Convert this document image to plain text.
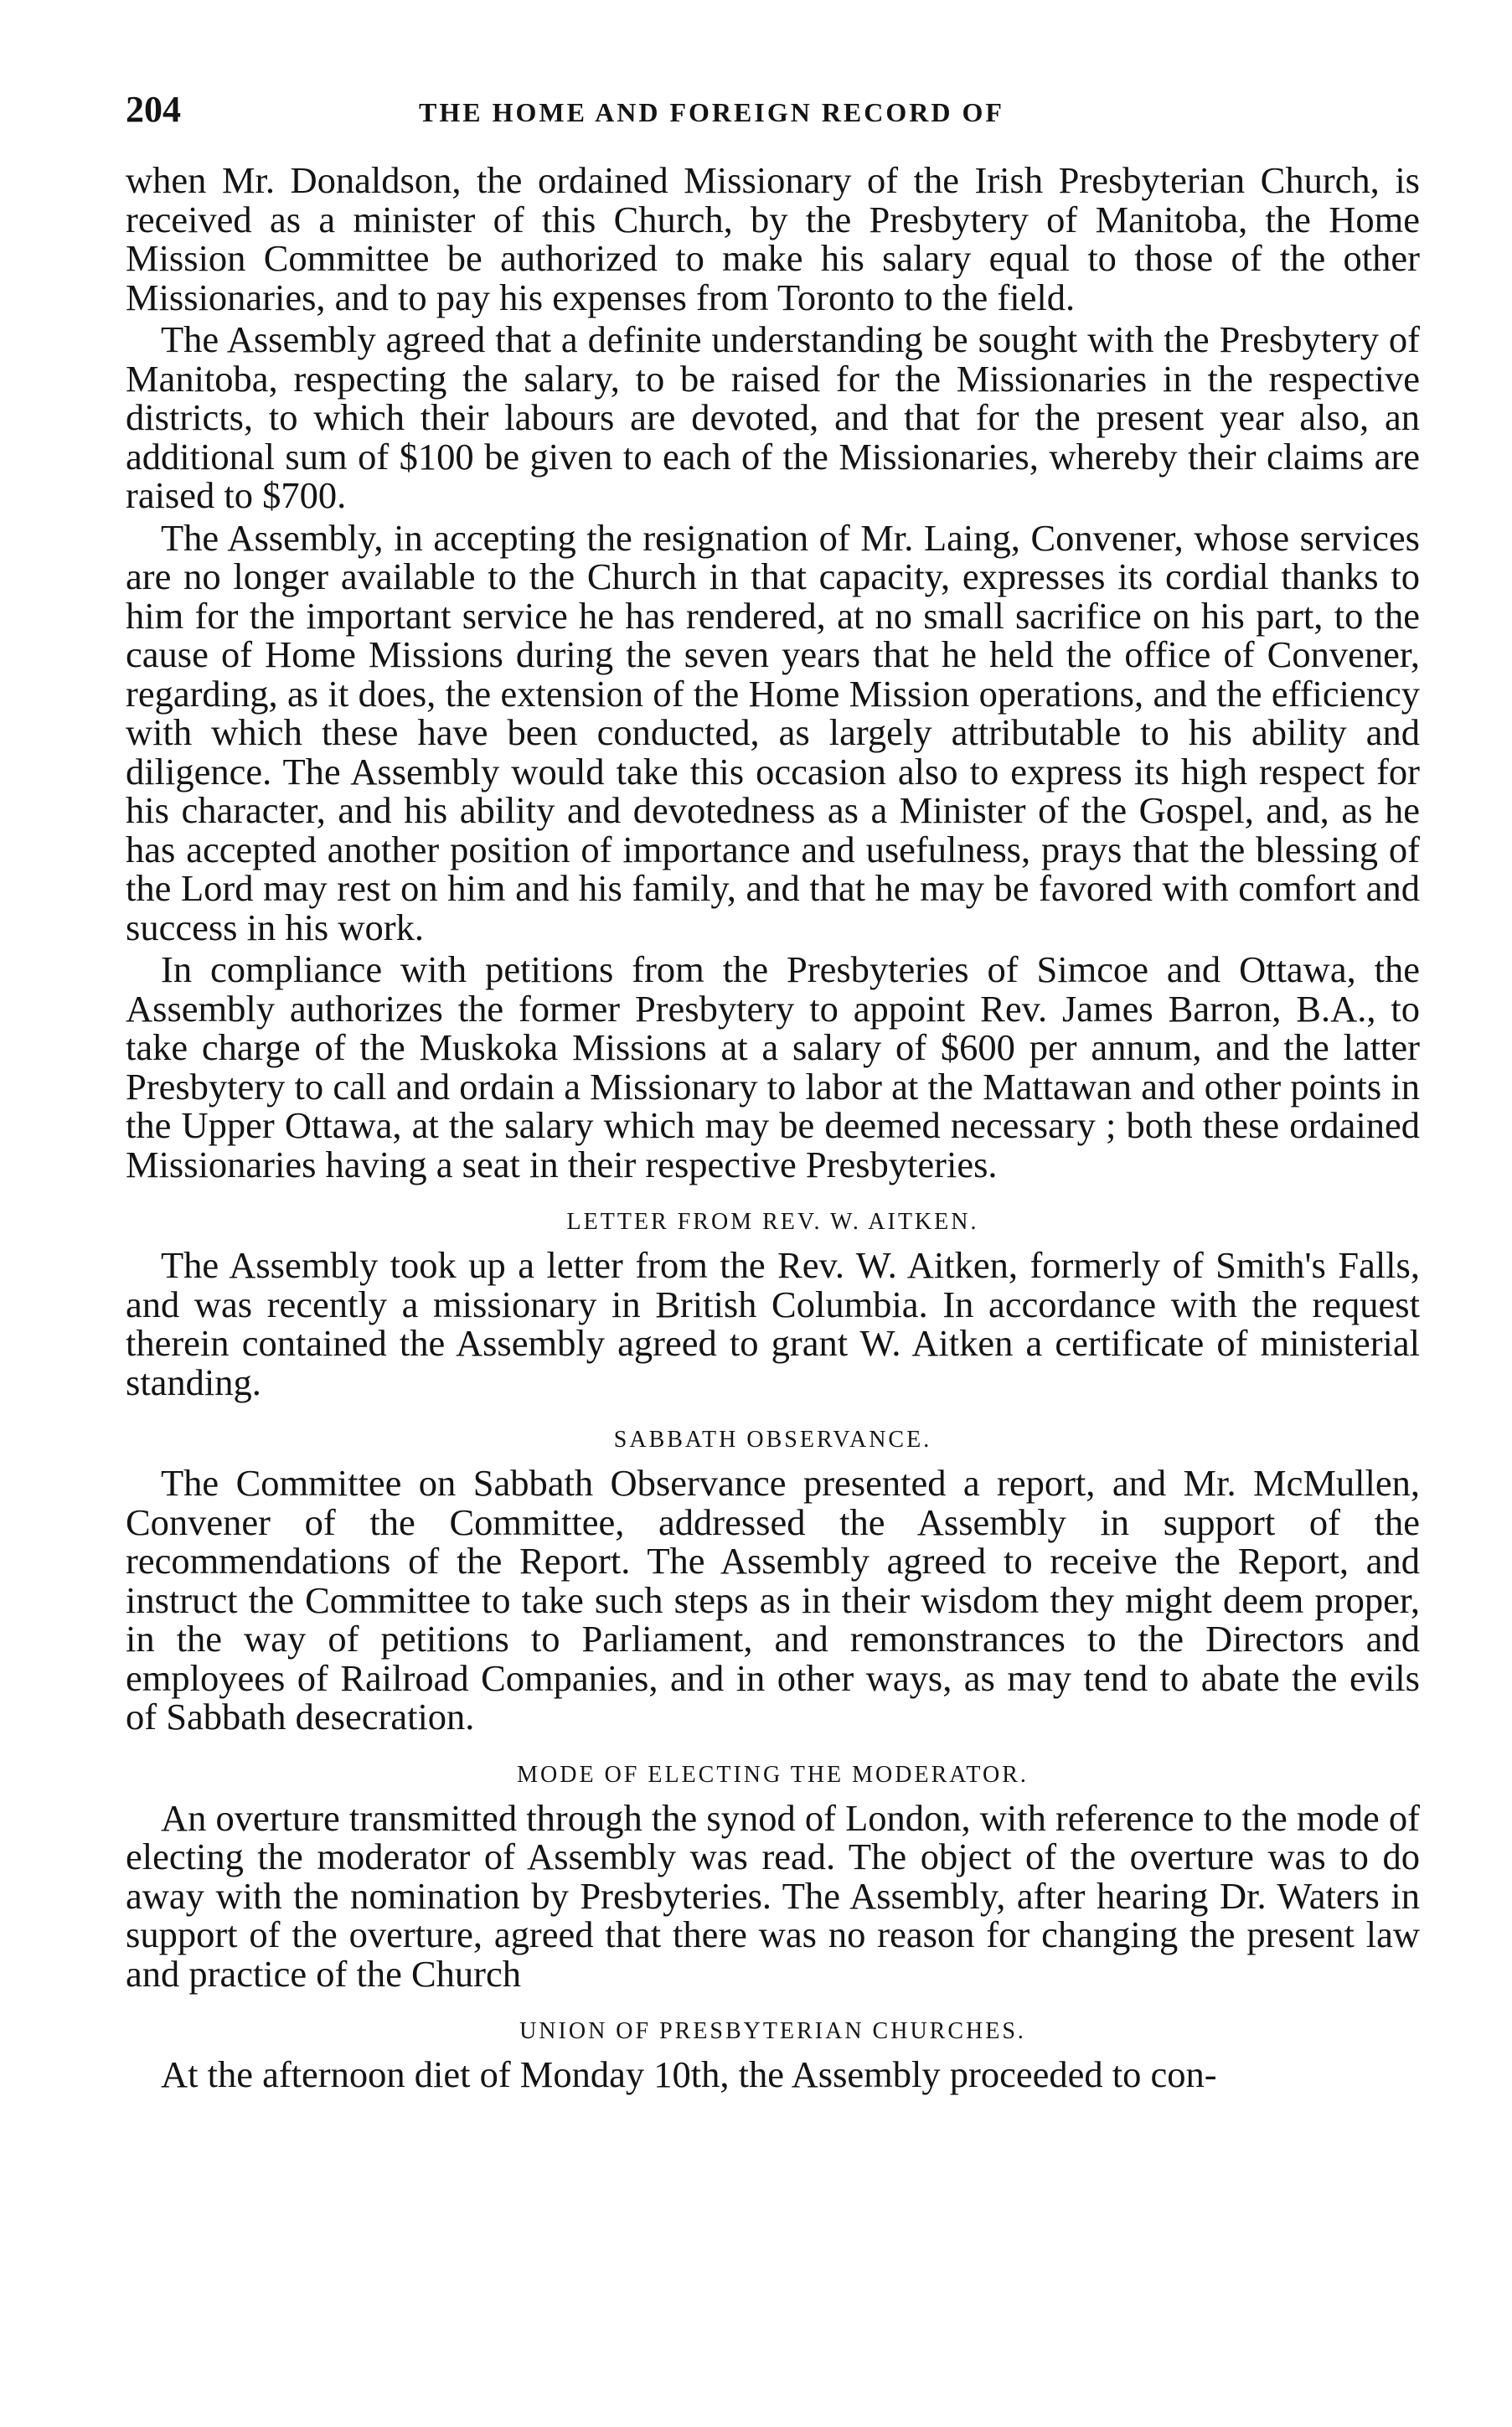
204	THE HOME AND FOREIGN RECORD OF

when Mr. Donaldson, the ordained Missionary of the Irish Presbyterian Church, is received as a minister of this Church, by the Presbytery of Manitoba, the Home Mission Committee be authorized to make his salary equal to those of the other Missionaries, and to pay his expenses from Toronto to the field.

The Assembly agreed that a definite understanding be sought with the Presbytery of Manitoba, respecting the salary, to be raised for the Missionaries in the respective districts, to which their labours are devoted, and that for the present year also, an additional sum of $100 be given to each of the Missionaries, whereby their claims are raised to $700.

The Assembly, in accepting the resignation of Mr. Laing, Convener, whose services are no longer available to the Church in that capacity, expresses its cordial thanks to him for the important service he has rendered, at no small sacrifice on his part, to the cause of Home Missions during the seven years that he held the office of Convener, regarding, as it does, the extension of the Home Mission operations, and the efficiency with which these have been conducted, as largely attributable to his ability and diligence. The Assembly would take this occasion also to express its high respect for his character, and his ability and devotedness as a Minister of the Gospel, and, as he has accepted another position of importance and usefulness, prays that the blessing of the Lord may rest on him and his family, and that he may be favored with comfort and success in his work.

In compliance with petitions from the Presbyteries of Simcoe and Ottawa, the Assembly authorizes the former Presbytery to appoint Rev. James Barron, B.A., to take charge of the Muskoka Missions at a salary of $600 per annum, and the latter Presbytery to call and ordain a Missionary to labor at the Mattawan and other points in the Upper Ottawa, at the salary which may be deemed necessary ; both these ordained Missionaries having a seat in their respective Presbyteries.

LETTER FROM REV. W. AITKEN.

The Assembly took up a letter from the Rev. W. Aitken, formerly of Smith's Falls, and was recently a missionary in British Columbia. In accordance with the request therein contained the Assembly agreed to grant W. Aitken a certificate of ministerial standing.

SABBATH OBSERVANCE.

The Committee on Sabbath Observance presented a report, and Mr. McMullen, Convener of the Committee, addressed the Assembly in support of the recommendations of the Report. The Assembly agreed to receive the Report, and instruct the Committee to take such steps as in their wisdom they might deem proper, in the way of petitions to Parliament, and remonstrances to the Directors and employees of Railroad Companies, and in other ways, as may tend to abate the evils of Sabbath desecration.

MODE OF ELECTING THE MODERATOR.

An overture transmitted through the synod of London, with reference to the mode of electing the moderator of Assembly was read. The object of the overture was to do away with the nomination by Presbyteries. The Assembly, after hearing Dr. Waters in support of the overture, agreed that there was no reason for changing the present law and practice of the Church

UNION OF PRESBYTERIAN CHURCHES.

At the afternoon diet of Monday 10th, the Assembly proceeded to con-
